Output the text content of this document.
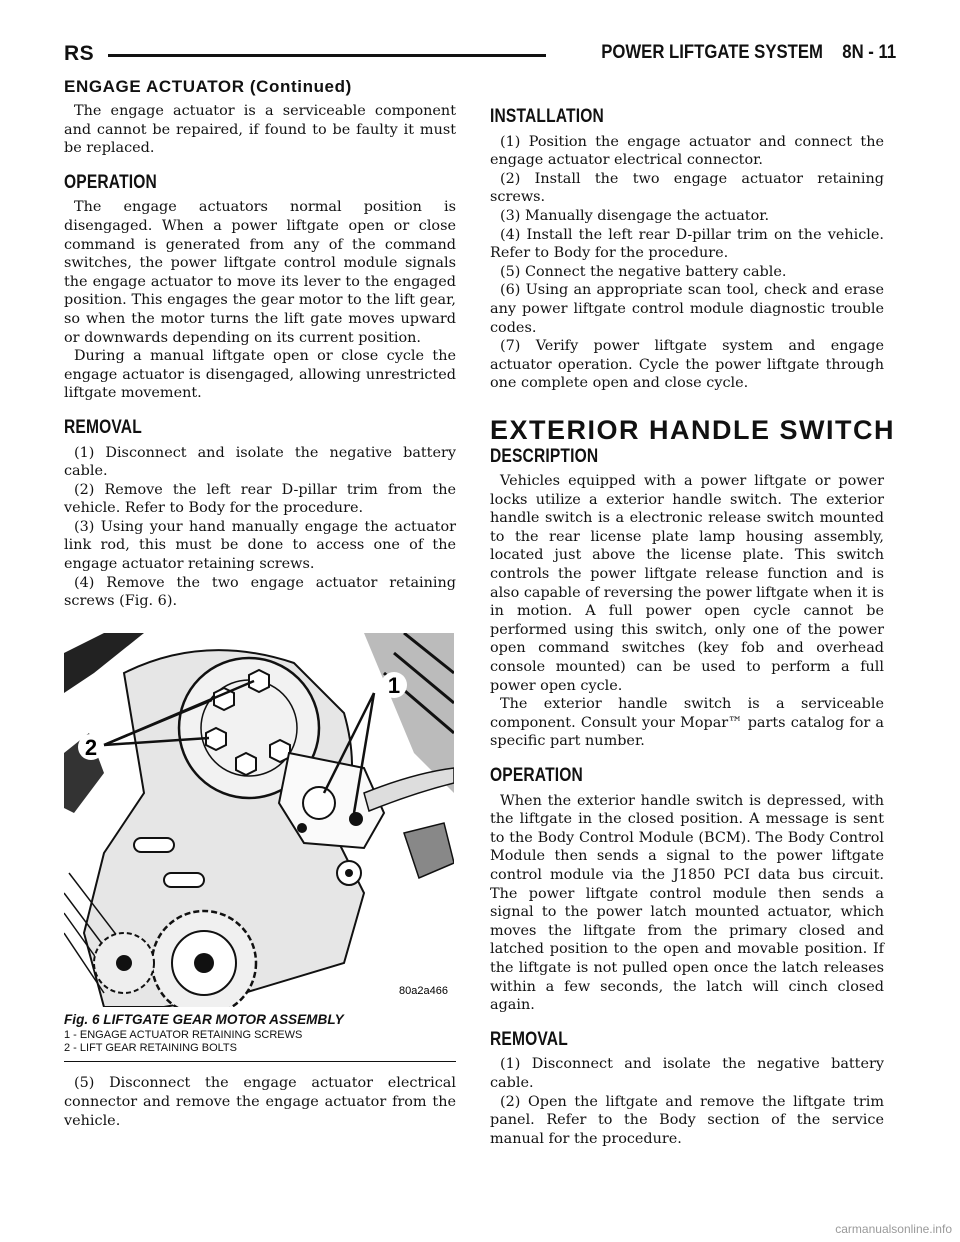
RS	POWER LIFTGATE SYSTEM 8N - 11
ENGAGE ACTUATOR (Continued)

The engage actuator is a serviceable component and cannot be repaired, if found to be faulty it must be replaced.

OPERATION

The engage actuators normal position is disengaged. When a power liftgate open or close command is generated from any of the command switches, the power liftgate control module signals the engage actuator to move its lever to the engaged position. This engages the gear motor to the lift gear, so when the motor turns the lift gate moves upward or downwards depending on its current position.

During a manual liftgate open or close cycle the engage actuator is disengaged, allowing unrestricted liftgate movement.

REMOVAL

(1) Disconnect and isolate the negative battery cable.

(2) Remove the left rear D-pillar trim from the vehicle. Refer to Body for the procedure.

(3) Using your hand manually engage the actuator link rod, this must be done to access one of the engage actuator retaining screws.

(4) Remove the two engage actuator retaining screws (Fig. 6).

1
2
80a2a466
Fig. 6 LIFTGATE GEAR MOTOR ASSEMBLY
1 - ENGAGE ACTUATOR RETAINING SCREWS
2 - LIFT GEAR RETAINING BOLTS

(5) Disconnect the engage actuator electrical connector and remove the engage actuator from the vehicle.

INSTALLATION

(1) Position the engage actuator and connect the engage actuator electrical connector.

(2) Install the two engage actuator retaining screws.

(3) Manually disengage the actuator.

(4) Install the left rear D-pillar trim on the vehicle. Refer to Body for the procedure.

(5) Connect the negative battery cable.

(6) Using an appropriate scan tool, check and erase any power liftgate control module diagnostic trouble codes.

(7) Verify power liftgate system and engage actuator operation. Cycle the power liftgate through one complete open and close cycle.

EXTERIOR HANDLE SWITCH
DESCRIPTION

Vehicles equipped with a power liftgate or power locks utilize a exterior handle switch. The exterior handle switch is a electronic release switch mounted to the rear license plate lamp housing assembly, located just above the license plate. This switch controls the power liftgate release function and is also capable of reversing the power liftgate when it is in motion. A full power open cycle cannot be performed using this switch, only one of the power open command switches (key fob and overhead console mounted) can be used to perform a full power open cycle.

The exterior handle switch is a serviceable component. Consult your Mopar™ parts catalog for a specific part number.

OPERATION

When the exterior handle switch is depressed, with the liftgate in the closed position. A message is sent to the Body Control Module (BCM). The Body Control Module then sends a signal to the power liftgate control module via the J1850 PCI data bus circuit. The power liftgate control module then sends a signal to the power latch mounted actuator, which moves the liftgate from the primary closed and latched position to the open and movable position. If the liftgate is not pulled open once the latch releases within a few seconds, the latch will cinch closed again.

REMOVAL

(1) Disconnect and isolate the negative battery cable.

(2) Open the liftgate and remove the liftgate trim panel. Refer to the Body section of the service manual for the procedure.

carmanualsonline.info
